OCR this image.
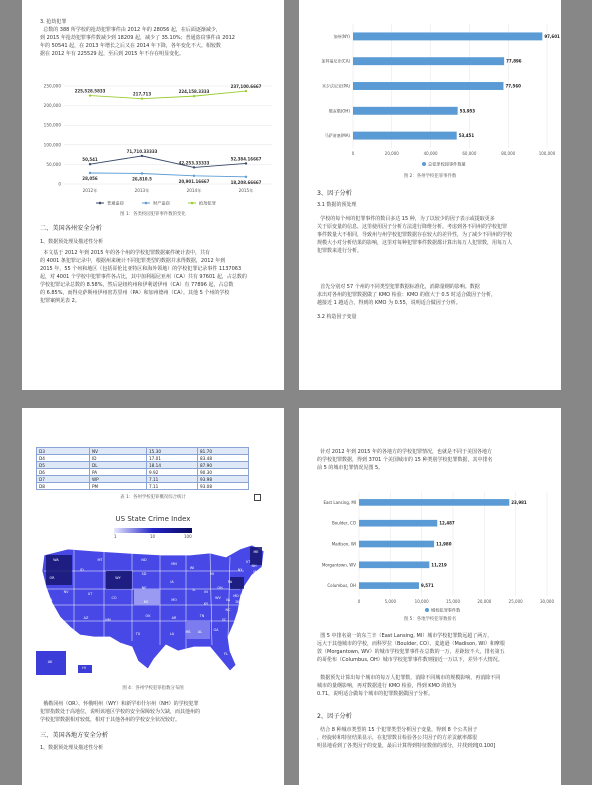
3. 抢劫犯罪
总数的 388 所学校的抢劫犯罪事件由 2012 年的 28056 起，在后面逐渐减少，
到 2015 年抢劫犯罪事件数减少到 18209 起，减少了 35.10%；普通盗窃事件由 2012
年的 50541 起，在 2013 年增长之后又在 2014 年下降，各年变化不大。相较数
据在 2012 年有 225529 起，至后到 2015 年不存在明显变化。
0
50,000
100,000
150,000
200,000
250,000
2012年	2013年	2014年	2015年
50,541
71,710.33333
42,253.33333
52,384.16667
28,056	26,810.5	20,901.16667	18,208.66667
225,528.5833
217,713
224,158.3333
237,100.6667
普通盗窃	财产盗窃	抢劫犯罪
图 1：各类校园犯罪事件数的变化
二、美国各州安全分析
1、数据预处理及描述性分析
本文基于 2012 年到 2015 年的各个州的学校犯罪数据案件统计表中，共有
的 4001 条犯罪记录中，根据州来统计不同犯罪类型的数据并求得数据，2012 年到
2015 年，55 个州和地区（包括哥伦比亚特区和海外领地）的学校犯罪记录事件 1137063
起，对 4001 个学校中犯罪事件各占比，其中加利福尼亚州（CA）共有 97601 起，占总数的
学校犯罪记录总数的 8.58%，然后是纽约州和伊利诺伊州（CA）有 77896 起，占总数
的 6.85%，而得克萨斯州伊州密苏里州（PA）和加州德州（CA）。其他 5 个州的学校
犯罪案例见表 2。
0	20,000	40,000	60,000	80,000	100,000
加州(NY)	97,601
加利福尼亚(CA)	77,896
宾夕法尼亚(PA)	77,560
俄亥俄(OH)	53,953
马萨诸塞(MA)	53,451
总犯罪校园事件数量
图 2：各州学校犯罪事件数
3、因子分析
3.1 数据的预处理
学校的每个州的犯罪事件的数目多达 15 种，为了以较少的因子表示或提取更多
关于原变量的信息，这里使用因子分析方法进行降维分析。考虑到各不同州的学校犯罪
事件数量大不相同，导致州与州学校犯罪数据存在较大的差异性，为了减少不同州的学校
规模大小对分析结果的影响，这里对每种犯罪事件数据都计算出每万人犯罪数，用每万人
犯罪数来进行分析。
首先分别对 57 个州的不同类型犯罪数据标准化，消除量纲的影响。数据
求出对各州的犯罪数据做了 KMO 检验：KMO 的值大于 0.5 时适合做因子分析，
越接近 1 越适合，得到的 KMO 为 0.55，说明适合做因子分析。
3.2 构造因子变量
D3	NV	15.30	81.70
D4	ID	17.01	83.48
D5	DL	18.14	87.90
D6	PA	9.92	90.30
D7	WP	7.11	93.98
D8	PM	7.11	93.08
表 1：各州学校犯罪概况综合统计
US State Crime Index
1	10	100
WA
OR
CA
NV
ID
MT
WY
UT
AZ
CO
NM
ND
SD
NE
KS
OK
TX
MN
IA
MO
AR
LA
WI
IL
MI
IN
OH
KY
TN
MS AL	GA
FL
SC
NC
VA
WV
PA
NY
ME
VT
NH
MA
NJ
MD DE
CT RI
AK
HI
DC
图 4：各州学校犯罪指数分布图
俄勒冈州（OR）、怀俄明州（WY）和新罕布什尔州（NH）的学校犯罪
犯罪指数处于高地位，说明该地区学校的安全保障较为欠缺，而其他州的
学校犯罪数据相对较低，相对于其他各州的学校安全状况较好。
三、美国各地方安全分析
1、数据预处理及描述性分析
针对 2012 年到 2015 年的各地方的学校犯罪情况，也就是不同于美国各地方
的学校犯罪数据，得到 3701 个美国城市的 15 种类别学校犯罪数据，其中排名
前 5 的城市犯罪情况见图 5。
0	5,000	10,000	15,000	20,000	25,000	30,000
East Lansing, MI	23,981
Boulder, CO	12,487
Madison, WI	11,980
Morgantown, WV	11,219
Columbus, OH	9,571
城校犯罪事件数
图 5：各地学校犯罪数排名
图 5 中排名第一的东兰辛（East Lansing, MI）城市学校犯罪数远超了两万，
远大于其他城市的学校，而科罗拉（Boulder, CO）、麦迪逊（Madison, WI）和摩根
敦（Morgantown, WV）的城市学校犯罪事件在总数的一万，差距较不大，排名第五
的哥伦布（Columbus, OH）城市学校犯罪事件数则接近一万以下，差异不大情况。
数据预先计算出每个城市的每万人犯罪数，消除不同城市的规模影响，再消除不同
城市的量纲影响，再对数据进行 KMO 检验，得到 KMO 的值为
0.71，说明适合做每个城市的犯罪数据做因子分析。
2、因子分析
结合 8 种城市类型的 15 个犯罪类型分析因子变量，得到 8 个公共因子
，经旋转和特征结果显示，在犯罪数目检验各公共因子的方差贡献率都很
明显地看到了各类因子的变量，最后计算得到特征数值的部分，并找到到[0.100]
